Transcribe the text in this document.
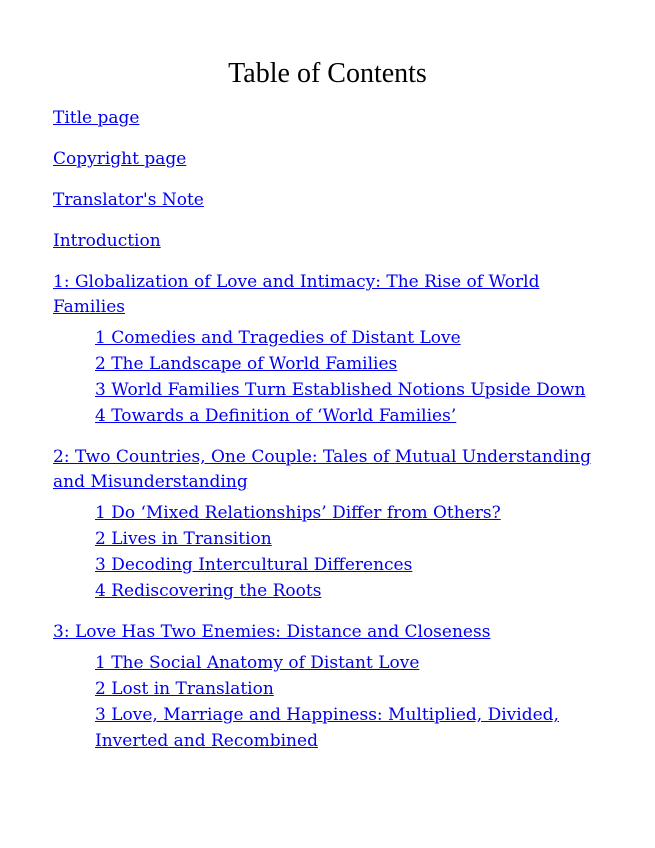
Table of Contents
Title page
Copyright page
Translator's Note
Introduction
1: Globalization of Love and Intimacy: The Rise of World Families
1 Comedies and Tragedies of Distant Love
2 The Landscape of World Families
3 World Families Turn Established Notions Upside Down
4 Towards a Definition of ‘World Families’
2: Two Countries, One Couple: Tales of Mutual Understanding and Misunderstanding
1 Do ‘Mixed Relationships’ Differ from Others?
2 Lives in Transition
3 Decoding Intercultural Differences
4 Rediscovering the Roots
3: Love Has Two Enemies: Distance and Closeness
1 The Social Anatomy of Distant Love
2 Lost in Translation
3 Love, Marriage and Happiness: Multiplied, Divided, Inverted and Recombined
